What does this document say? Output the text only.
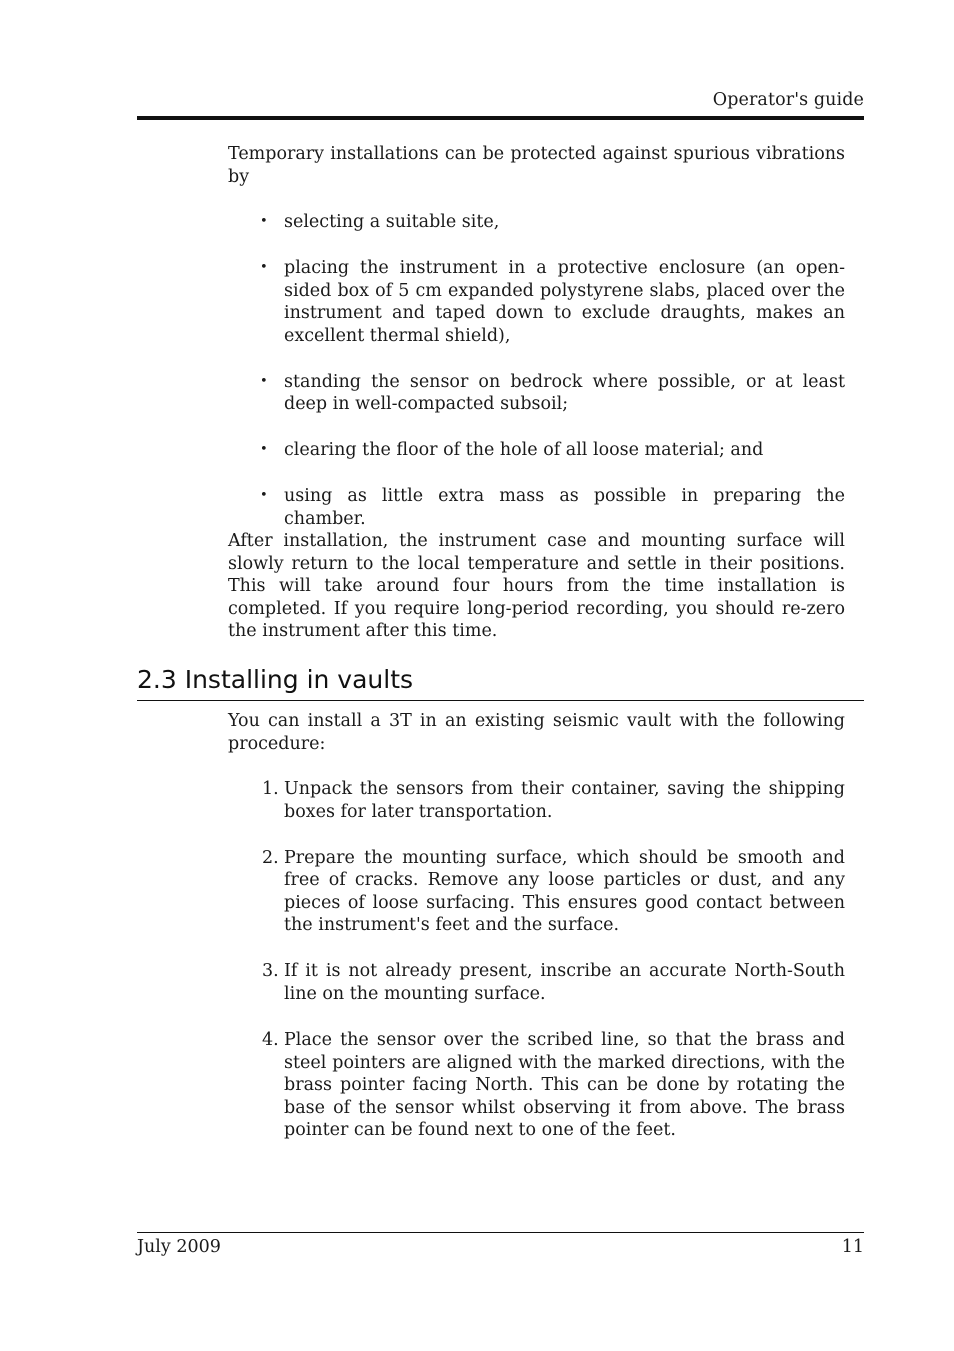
Operator's guide

Temporary installations can be protected against spurious vibrations by

• selecting a suitable site,
• placing the instrument in a protective enclosure (an open-sided box of 5 cm expanded polystyrene slabs, placed over the instrument and taped down to exclude draughts, makes an excellent thermal shield),
• standing the sensor on bedrock where possible, or at least deep in well-compacted subsoil;
• clearing the floor of the hole of all loose material; and
• using as little extra mass as possible in preparing the chamber.

After installation, the instrument case and mounting surface will slowly return to the local temperature and settle in their positions. This will take around four hours from the time installation is completed. If you require long-period recording, you should re-zero the instrument after this time.

2.3 Installing in vaults

You can install a 3T in an existing seismic vault with the following procedure:

1. Unpack the sensors from their container, saving the shipping boxes for later transportation.
2. Prepare the mounting surface, which should be smooth and free of cracks. Remove any loose particles or dust, and any pieces of loose surfacing. This ensures good contact between the instrument's feet and the surface.
3. If it is not already present, inscribe an accurate North-South line on the mounting surface.
4. Place the sensor over the scribed line, so that the brass and steel pointers are aligned with the marked directions, with the brass pointer facing North. This can be done by rotating the base of the sensor whilst observing it from above. The brass pointer can be found next to one of the feet.
July 2009	11
